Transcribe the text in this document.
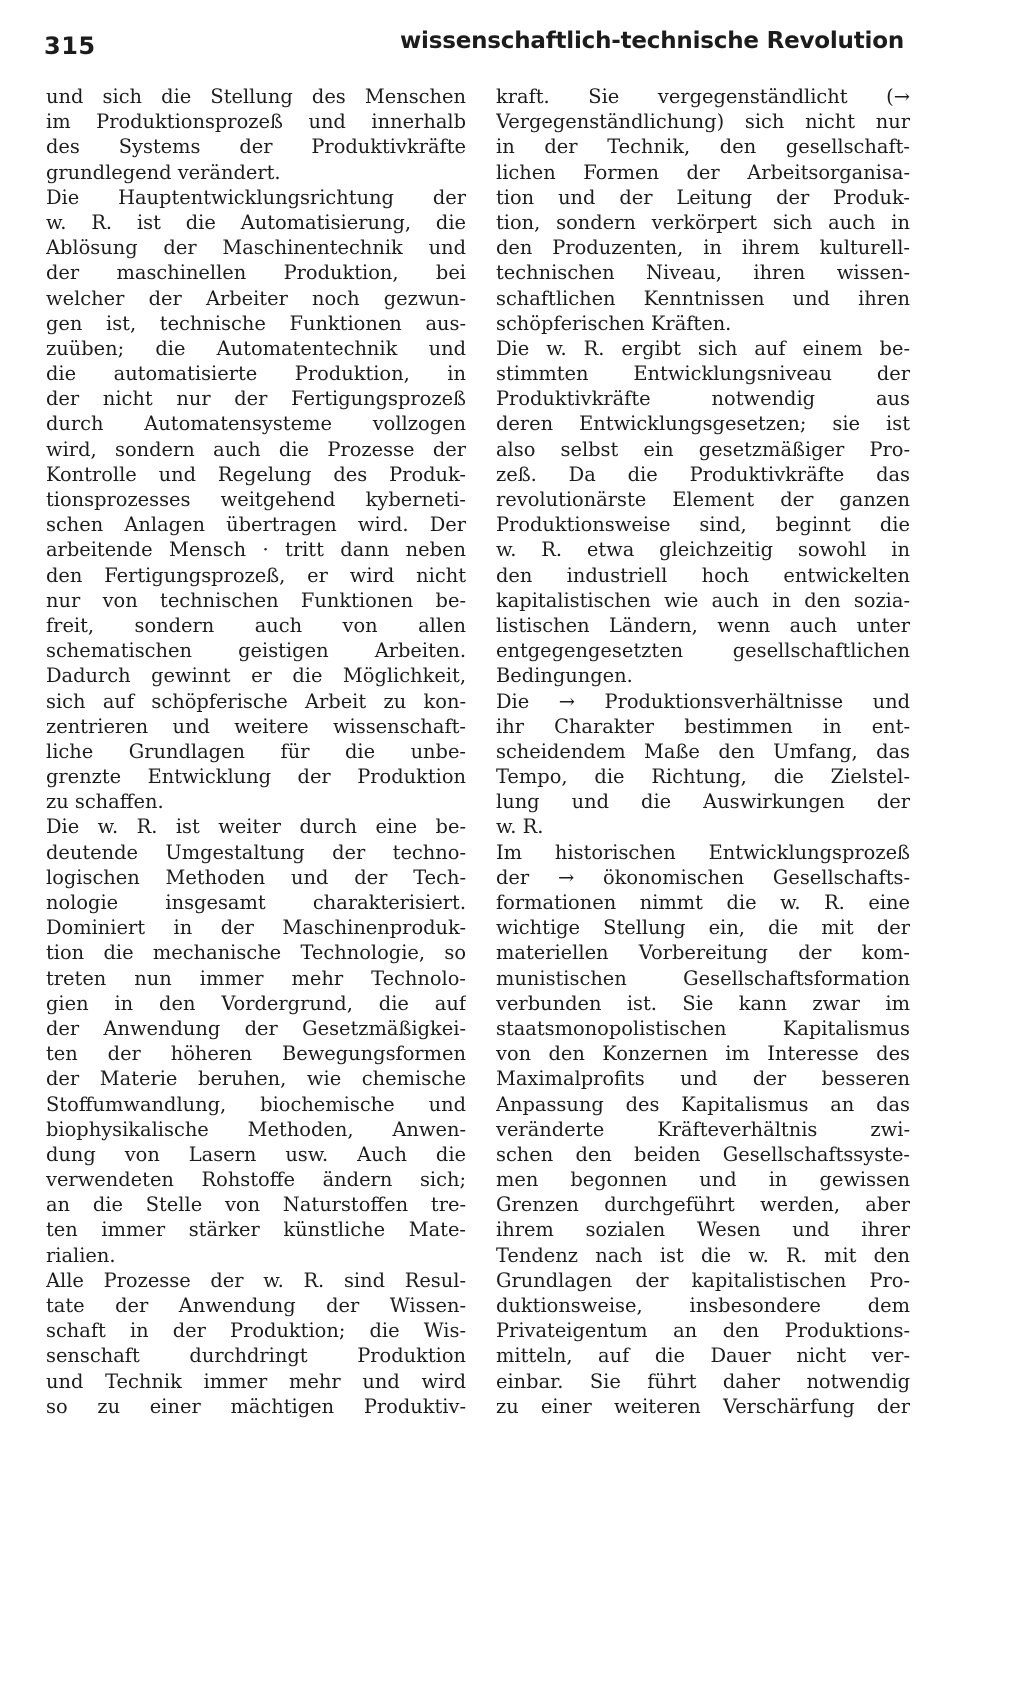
315	wissenschaftlich-technische Revolution
und sich die Stellung des Menschen
im Produktionsprozeß und innerhalb
des Systems der Produktivkräfte
grundlegend verändert.
Die Hauptentwicklungsrichtung der
w. R. ist die Automatisierung, die
Ablösung der Maschinentechnik und
der maschinellen Produktion, bei
welcher der Arbeiter noch gezwun-
gen ist, technische Funktionen aus-
zuüben; die Automatentechnik und
die automatisierte Produktion, in
der nicht nur der Fertigungsprozeß
durch Automatensysteme vollzogen
wird, sondern auch die Prozesse der
Kontrolle und Regelung des Produk-
tionsprozesses weitgehend kyberneti-
schen Anlagen übertragen wird. Der
arbeitende Mensch · tritt dann neben
den Fertigungsprozeß, er wird nicht
nur von technischen Funktionen be-
freit, sondern auch von allen
schematischen geistigen Arbeiten.
Dadurch gewinnt er die Möglichkeit,
sich auf schöpferische Arbeit zu kon-
zentrieren und weitere wissenschaft-
liche Grundlagen für die unbe-
grenzte Entwicklung der Produktion
zu schaffen.
Die w. R. ist weiter durch eine be-
deutende Umgestaltung der techno-
logischen Methoden und der Tech-
nologie insgesamt charakterisiert.
Dominiert in der Maschinenproduk-
tion die mechanische Technologie, so
treten nun immer mehr Technolo-
gien in den Vordergrund, die auf
der Anwendung der Gesetzmäßigkei-
ten der höheren Bewegungsformen
der Materie beruhen, wie chemische
Stoffumwandlung, biochemische und
biophysikalische Methoden, Anwen-
dung von Lasern usw. Auch die
verwendeten Rohstoffe ändern sich;
an die Stelle von Naturstoffen tre-
ten immer stärker künstliche Mate-
rialien.
Alle Prozesse der w. R. sind Resul-
tate der Anwendung der Wissen-
schaft in der Produktion; die Wis-
senschaft durchdringt Produktion
und Technik immer mehr und wird
so zu einer mächtigen Produktiv-
kraft. Sie vergegenständlicht (→
Vergegenständlichung) sich nicht nur
in der Technik, den gesellschaft-
lichen Formen der Arbeitsorganisa-
tion und der Leitung der Produk-
tion, sondern verkörpert sich auch in
den Produzenten, in ihrem kulturell-
technischen Niveau, ihren wissen-
schaftlichen Kenntnissen und ihren
schöpferischen Kräften.
Die w. R. ergibt sich auf einem be-
stimmten Entwicklungsniveau der
Produktivkräfte notwendig aus
deren Entwicklungsgesetzen; sie ist
also selbst ein gesetzmäßiger Pro-
zeß. Da die Produktivkräfte das
revolutionärste Element der ganzen
Produktionsweise sind, beginnt die
w. R. etwa gleichzeitig sowohl in
den industriell hoch entwickelten
kapitalistischen wie auch in den sozia-
listischen Ländern, wenn auch unter
entgegengesetzten gesellschaftlichen
Bedingungen.
Die → Produktionsverhältnisse und
ihr Charakter bestimmen in ent-
scheidendem Maße den Umfang, das
Tempo, die Richtung, die Zielstel-
lung und die Auswirkungen der
w. R.
Im historischen Entwicklungsprozeß
der → ökonomischen Gesellschafts-
formationen nimmt die w. R. eine
wichtige Stellung ein, die mit der
materiellen Vorbereitung der kom-
munistischen Gesellschaftsformation
verbunden ist. Sie kann zwar im
staatsmonopolistischen Kapitalismus
von den Konzernen im Interesse des
Maximalprofits und der besseren
Anpassung des Kapitalismus an das
veränderte Kräfteverhältnis zwi-
schen den beiden Gesellschaftssyste-
men begonnen und in gewissen
Grenzen durchgeführt werden, aber
ihrem sozialen Wesen und ihrer
Tendenz nach ist die w. R. mit den
Grundlagen der kapitalistischen Pro-
duktionsweise, insbesondere dem
Privateigentum an den Produktions-
mitteln, auf die Dauer nicht ver-
einbar. Sie führt daher notwendig
zu einer weiteren Verschärfung der
